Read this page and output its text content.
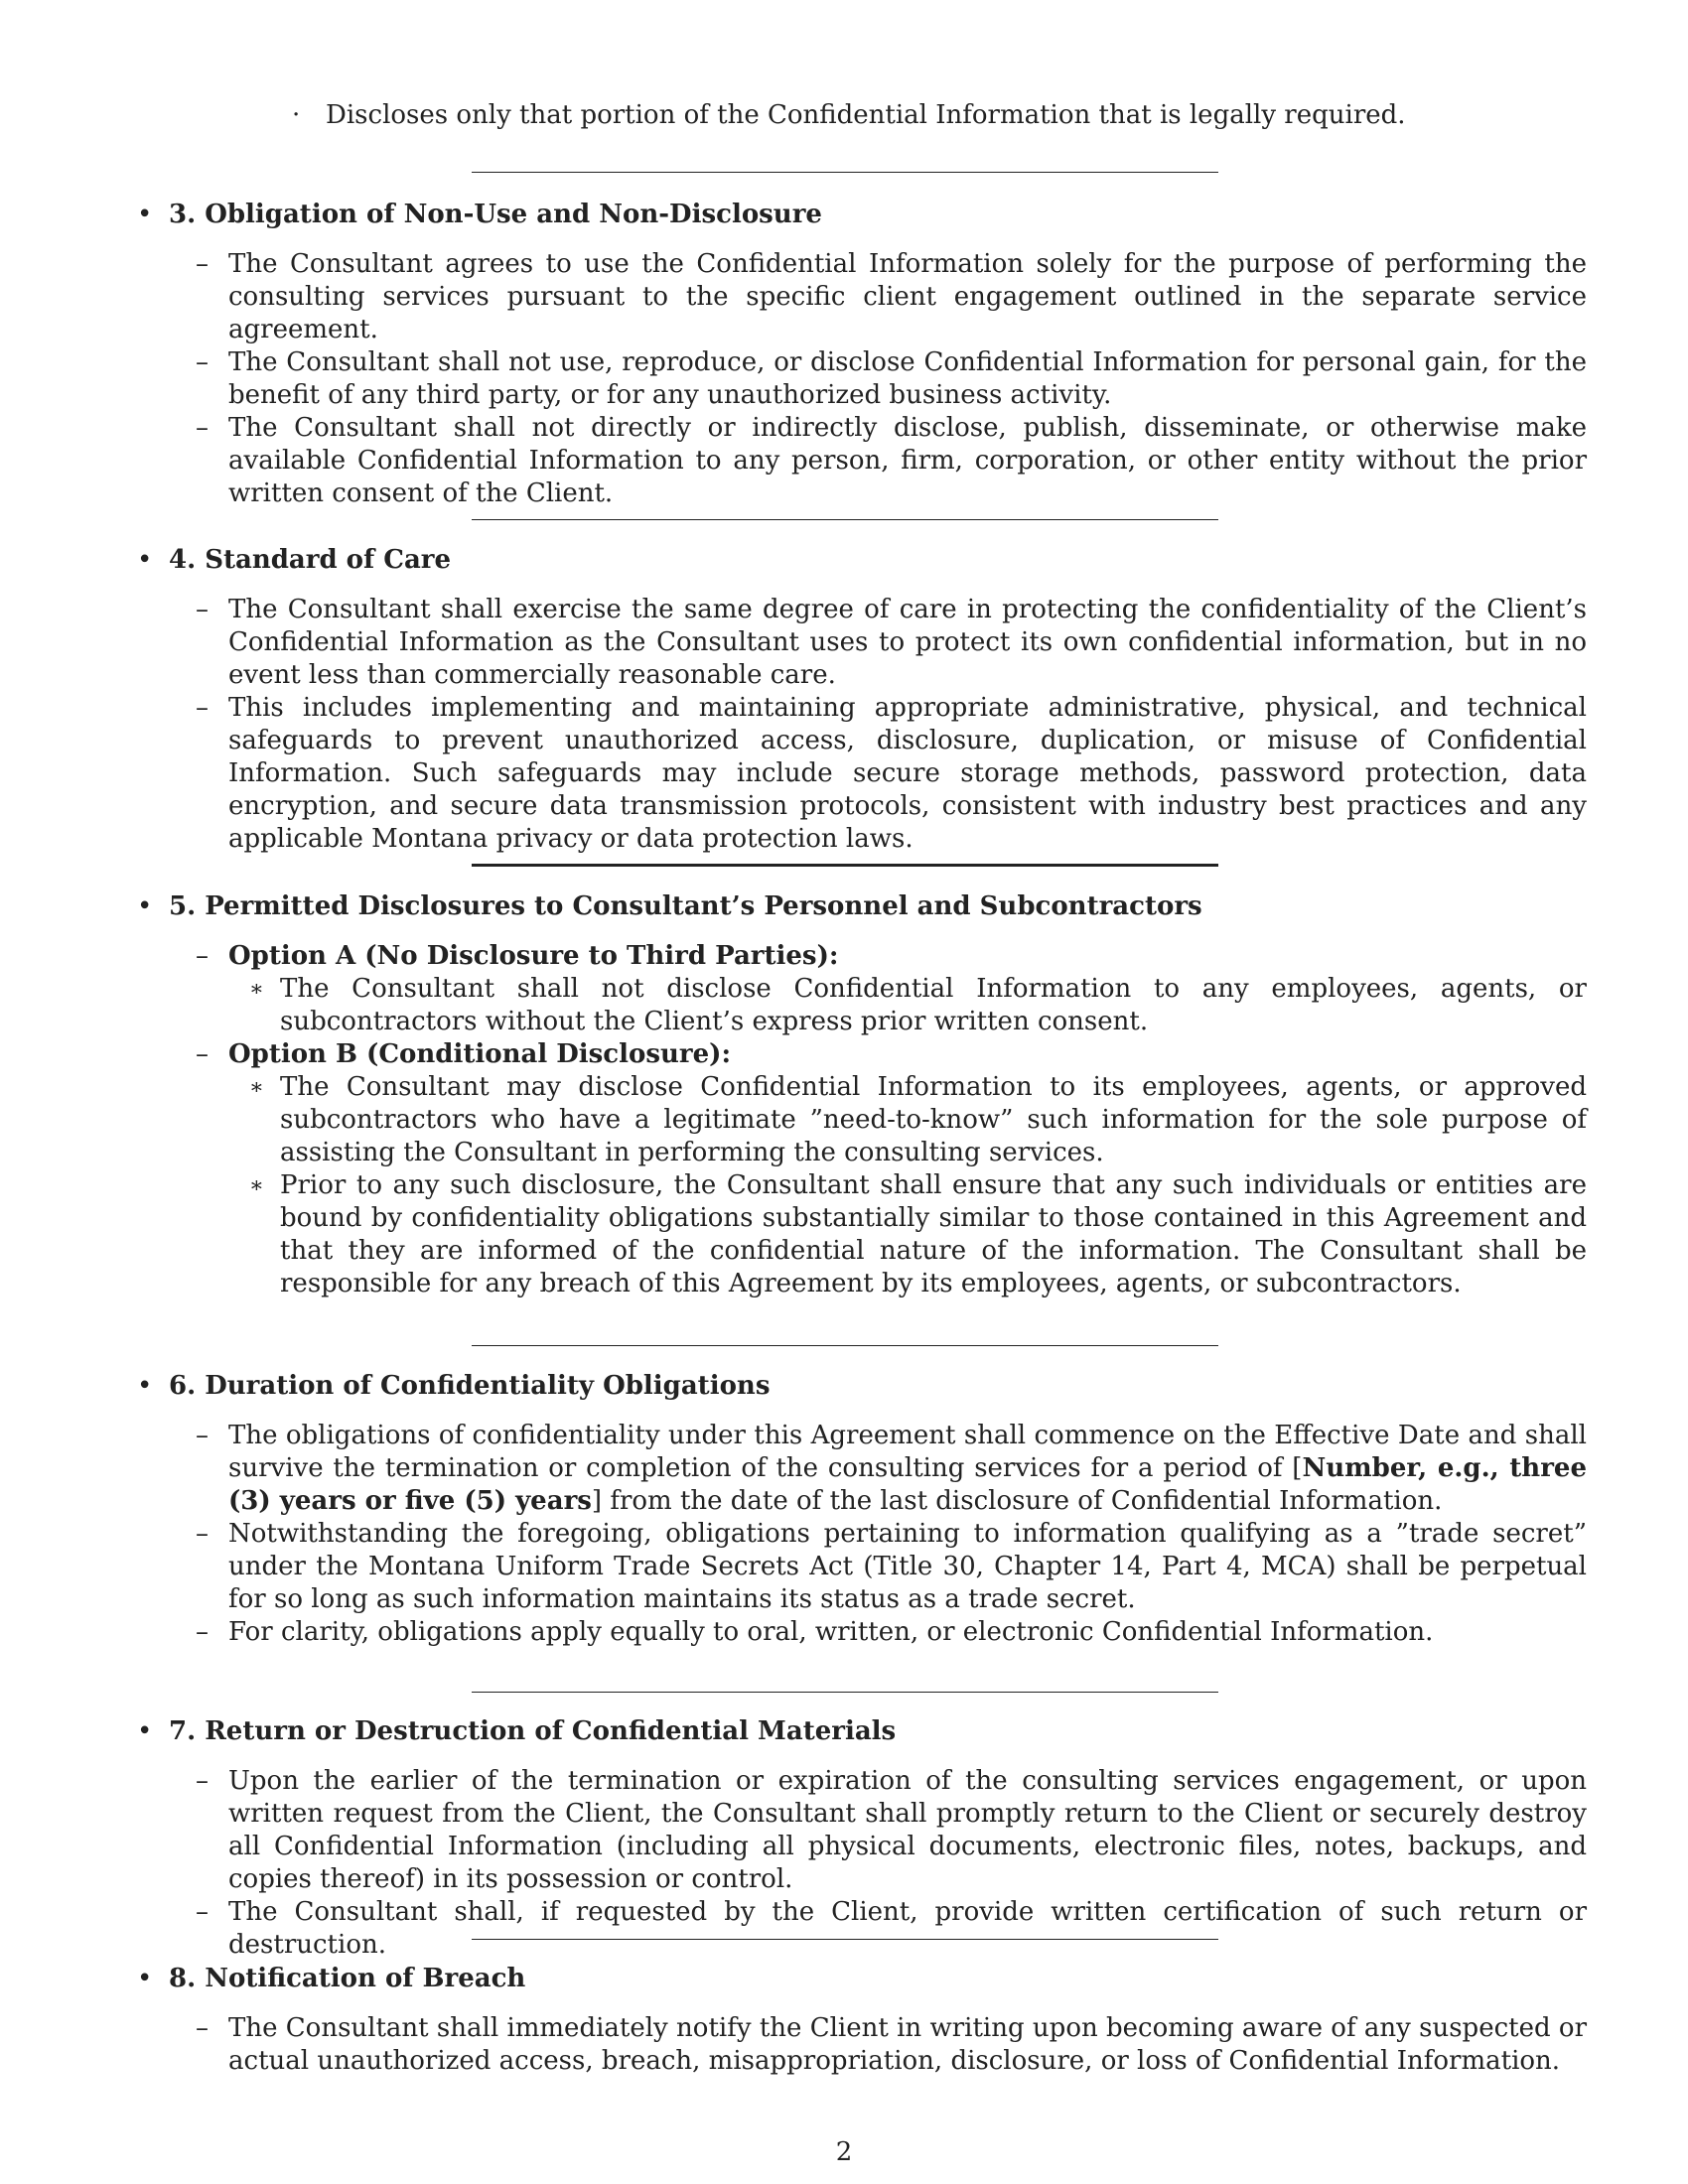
· Discloses only that portion of the Confidential Information that is legally required.
• 3. Obligation of Non-Use and Non-Disclosure
– The Consultant agrees to use the Confidential Information solely for the purpose of performing the consulting services pursuant to the specific client engagement outlined in the separate service agreement.
– The Consultant shall not use, reproduce, or disclose Confidential Information for personal gain, for the benefit of any third party, or for any unauthorized business activity.
– The Consultant shall not directly or indirectly disclose, publish, disseminate, or otherwise make available Confidential Information to any person, firm, corporation, or other entity without the prior written consent of the Client.
• 4. Standard of Care
– The Consultant shall exercise the same degree of care in protecting the confidentiality of the Client’s Confidential Information as the Consultant uses to protect its own confidential information, but in no event less than commercially reasonable care.
– This includes implementing and maintaining appropriate administrative, physical, and technical safeguards to prevent unauthorized access, disclosure, duplication, or misuse of Confidential Information. Such safeguards may include secure storage methods, password protection, data encryption, and secure data transmission protocols, consistent with industry best practices and any applicable Montana privacy or data protection laws.
• 5. Permitted Disclosures to Consultant’s Personnel and Subcontractors
– Option A (No Disclosure to Third Parties):
∗ The Consultant shall not disclose Confidential Information to any employees, agents, or subcontractors without the Client’s express prior written consent.
– Option B (Conditional Disclosure):
∗ The Consultant may disclose Confidential Information to its employees, agents, or approved subcontractors who have a legitimate ”need-to-know” such information for the sole purpose of assisting the Consultant in performing the consulting services.
∗ Prior to any such disclosure, the Consultant shall ensure that any such individuals or entities are bound by confidentiality obligations substantially similar to those contained in this Agreement and that they are informed of the confidential nature of the information. The Consultant shall be responsible for any breach of this Agreement by its employees, agents, or subcontractors.
• 6. Duration of Confidentiality Obligations
– The obligations of confidentiality under this Agreement shall commence on the Effective Date and shall survive the termination or completion of the consulting services for a period of [Number, e.g., three (3) years or five (5) years] from the date of the last disclosure of Confidential Information.
– Notwithstanding the foregoing, obligations pertaining to information qualifying as a ”trade secret” under the Montana Uniform Trade Secrets Act (Title 30, Chapter 14, Part 4, MCA) shall be perpetual for so long as such information maintains its status as a trade secret.
– For clarity, obligations apply equally to oral, written, or electronic Confidential Information.
• 7. Return or Destruction of Confidential Materials
– Upon the earlier of the termination or expiration of the consulting services engagement, or upon written request from the Client, the Consultant shall promptly return to the Client or securely destroy all Confidential Information (including all physical documents, electronic files, notes, backups, and copies thereof) in its possession or control.
– The Consultant shall, if requested by the Client, provide written certification of such return or destruction.
• 8. Notification of Breach
– The Consultant shall immediately notify the Client in writing upon becoming aware of any suspected or actual unauthorized access, breach, misappropriation, disclosure, or loss of Confidential Information.
2
